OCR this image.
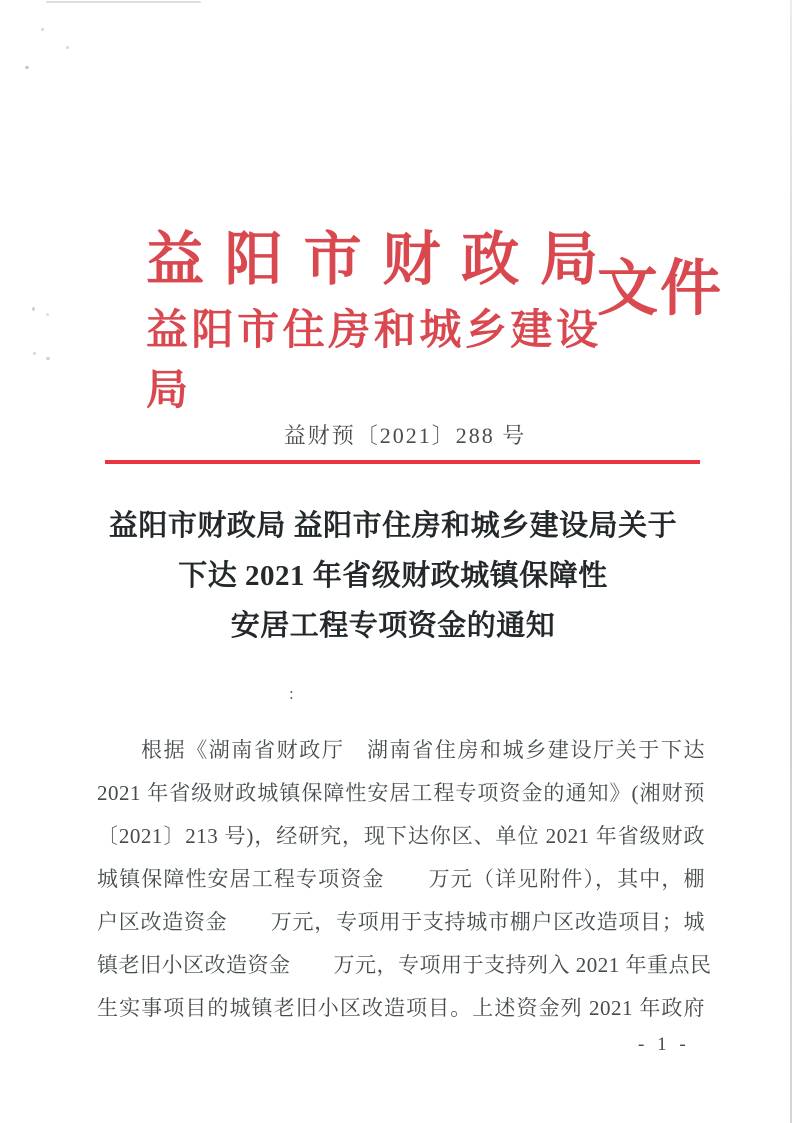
益阳市财政局
益阳市住房和城乡建设局
文件
益财预〔2021〕288 号
益阳市财政局 益阳市住房和城乡建设局关于
下达 2021 年省级财政城镇保障性
安居工程专项资金的通知
:
根据《湖南省财政厅　湖南省住房和城乡建设厅关于下达
2021 年省级财政城镇保障性安居工程专项资金的通知》(湘财预
〔2021〕213 号)，经研究，现下达你区、单位 2021 年省级财政
城镇保障性安居工程专项资金　　万元（详见附件），其中，棚
户区改造资金　　万元，专项用于支持城市棚户区改造项目；城
镇老旧小区改造资金　　万元，专项用于支持列入 2021 年重点民
生实事项目的城镇老旧小区改造项目。上述资金列 2021 年政府
- 1 -
